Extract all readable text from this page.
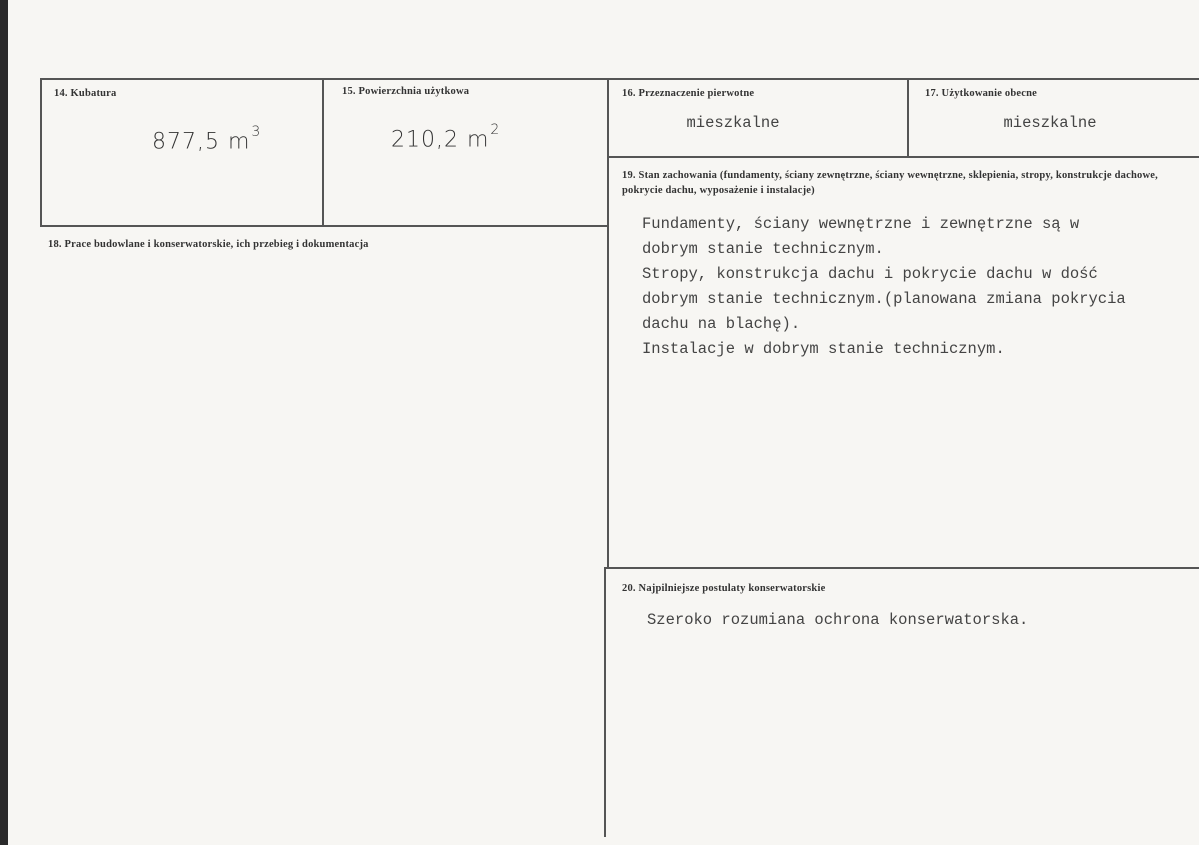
14. Kubatura
877,5 $m^3$
15. Powierzchnia użytkowa
210,2 $m^2$
16. Przeznaczenie pierwotne
mieszkalne
17. Użytkowanie obecne
mieszkalne
18. Prace budowlane i konserwatorskie, ich przebieg i dokumentacja
19. Stan zachowania (fundamenty, ściany zewnętrzne, ściany wewnętrzne, sklepienia, stropy, konstrukcje dachowe, pokrycie dachu, wyposażenie i instalacje)
Fundamenty, ściany wewnętrzne i zewnętrzne są w
dobrym stanie technicznym.
Stropy, konstrukcja dachu i pokrycie dachu w dość
dobrym stanie technicznym.(planowana zmiana pokrycia
dachu na blachę).
Instalacje w dobrym stanie technicznym.
20. Najpilniejsze postulaty konserwatorskie
Szeroko rozumiana ochrona konserwatorska.
